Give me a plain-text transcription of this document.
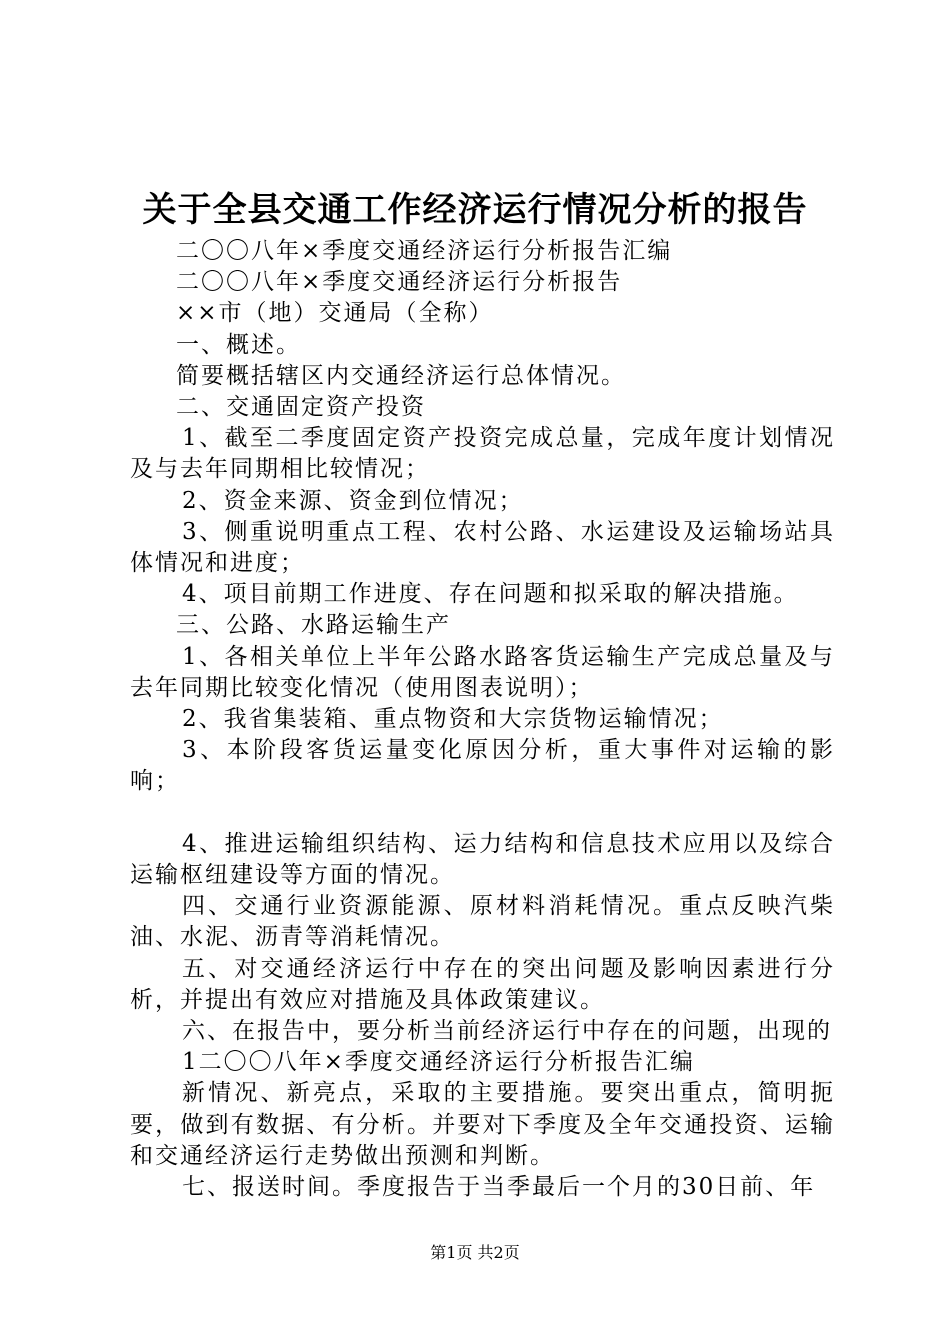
关于全县交通工作经济运行情况分析的报告

二〇〇八年×季度交通经济运行分析报告汇编

二〇〇八年×季度交通经济运行分析报告

××市（地）交通局（全称）

一、概述。

简要概括辖区内交通经济运行总体情况。

二、交通固定资产投资

1、截至二季度固定资产投资完成总量，完成年度计划情况及与去年同期相比较情况；

2、资金来源、资金到位情况；

3、侧重说明重点工程、农村公路、水运建设及运输场站具体情况和进度；

4、项目前期工作进度、存在问题和拟采取的解决措施。

三、公路、水路运输生产

1、各相关单位上半年公路水路客货运输生产完成总量及与去年同期比较变化情况（使用图表说明）；

2、我省集装箱、重点物资和大宗货物运输情况；

3、本阶段客货运量变化原因分析，重大事件对运输的影响；

4、推进运输组织结构、运力结构和信息技术应用以及综合运输枢纽建设等方面的情况。

四、交通行业资源能源、原材料消耗情况。重点反映汽柴油、水泥、沥青等消耗情况。

五、对交通经济运行中存在的突出问题及影响因素进行分析，并提出有效应对措施及具体政策建议。

六、在报告中，要分析当前经济运行中存在的问题，出现的

1二〇〇八年×季度交通经济运行分析报告汇编

新情况、新亮点，采取的主要措施。要突出重点，简明扼要，做到有数据、有分析。并要对下季度及全年交通投资、运输和交通经济运行走势做出预测和判断。

七、报送时间。季度报告于当季最后一个月的30日前、年

第1页 共2页
